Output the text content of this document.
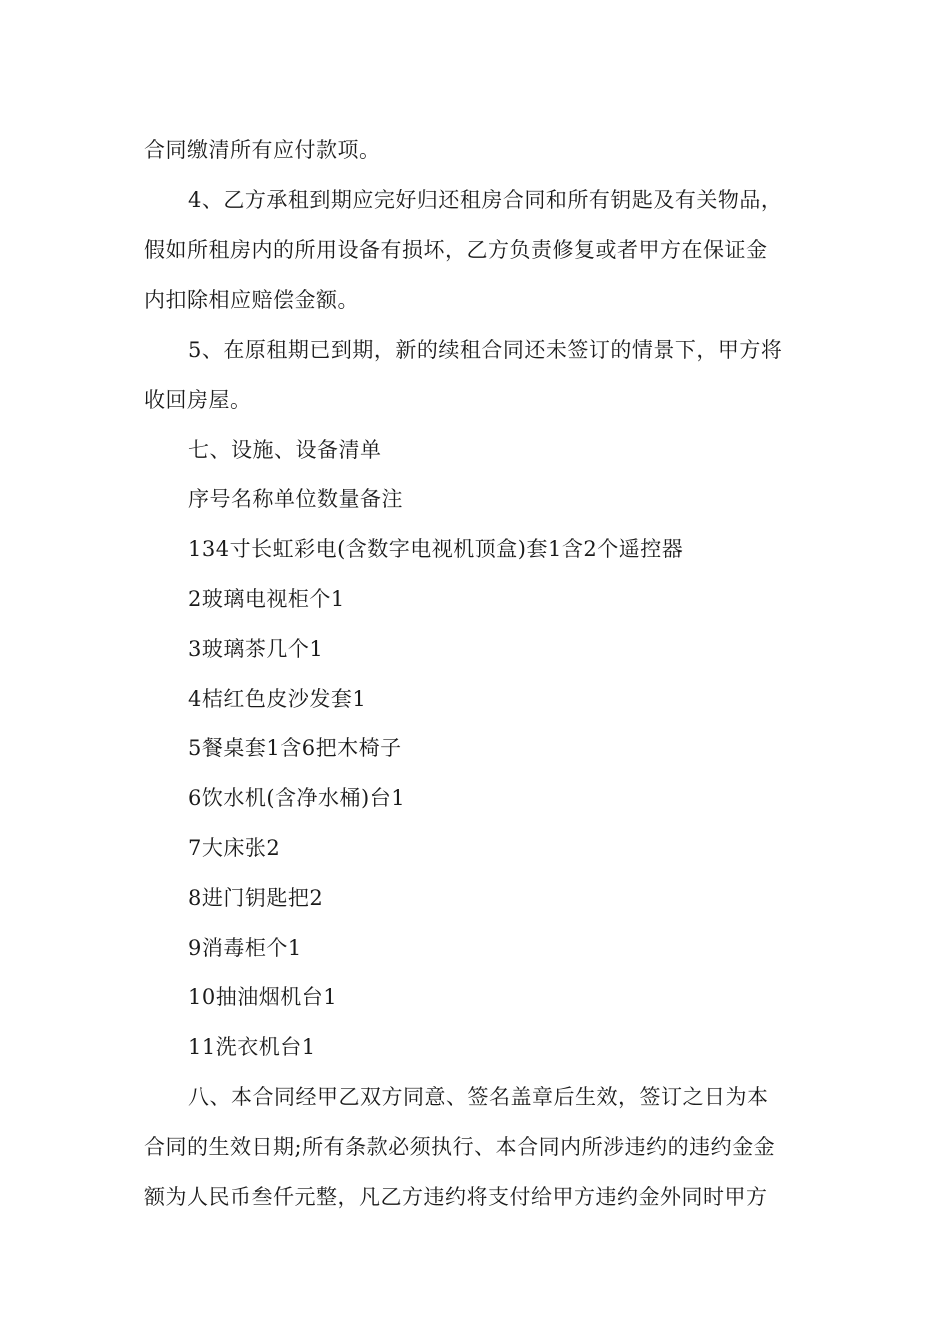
合同缴清所有应付款项。
4、乙方承租到期应完好归还租房合同和所有钥匙及有关物品，
假如所租房内的所用设备有损坏，乙方负责修复或者甲方在保证金
内扣除相应赔偿金额。
5、在原租期已到期，新的续租合同还未签订的情景下，甲方将
收回房屋。
七、设施、设备清单
序号名称单位数量备注
134寸长虹彩电(含数字电视机顶盒)套1含2个遥控器
2玻璃电视柜个1
3玻璃茶几个1
4桔红色皮沙发套1
5餐桌套1含6把木椅子
6饮水机(含净水桶)台1
7大床张2
8进门钥匙把2
9消毒柜个1
10抽油烟机台1
11洗衣机台1
八、本合同经甲乙双方同意、签名盖章后生效，签订之日为本
合同的生效日期;所有条款必须执行、本合同内所涉违约的违约金金
额为人民币叁仟元整，凡乙方违约将支付给甲方违约金外同时甲方
